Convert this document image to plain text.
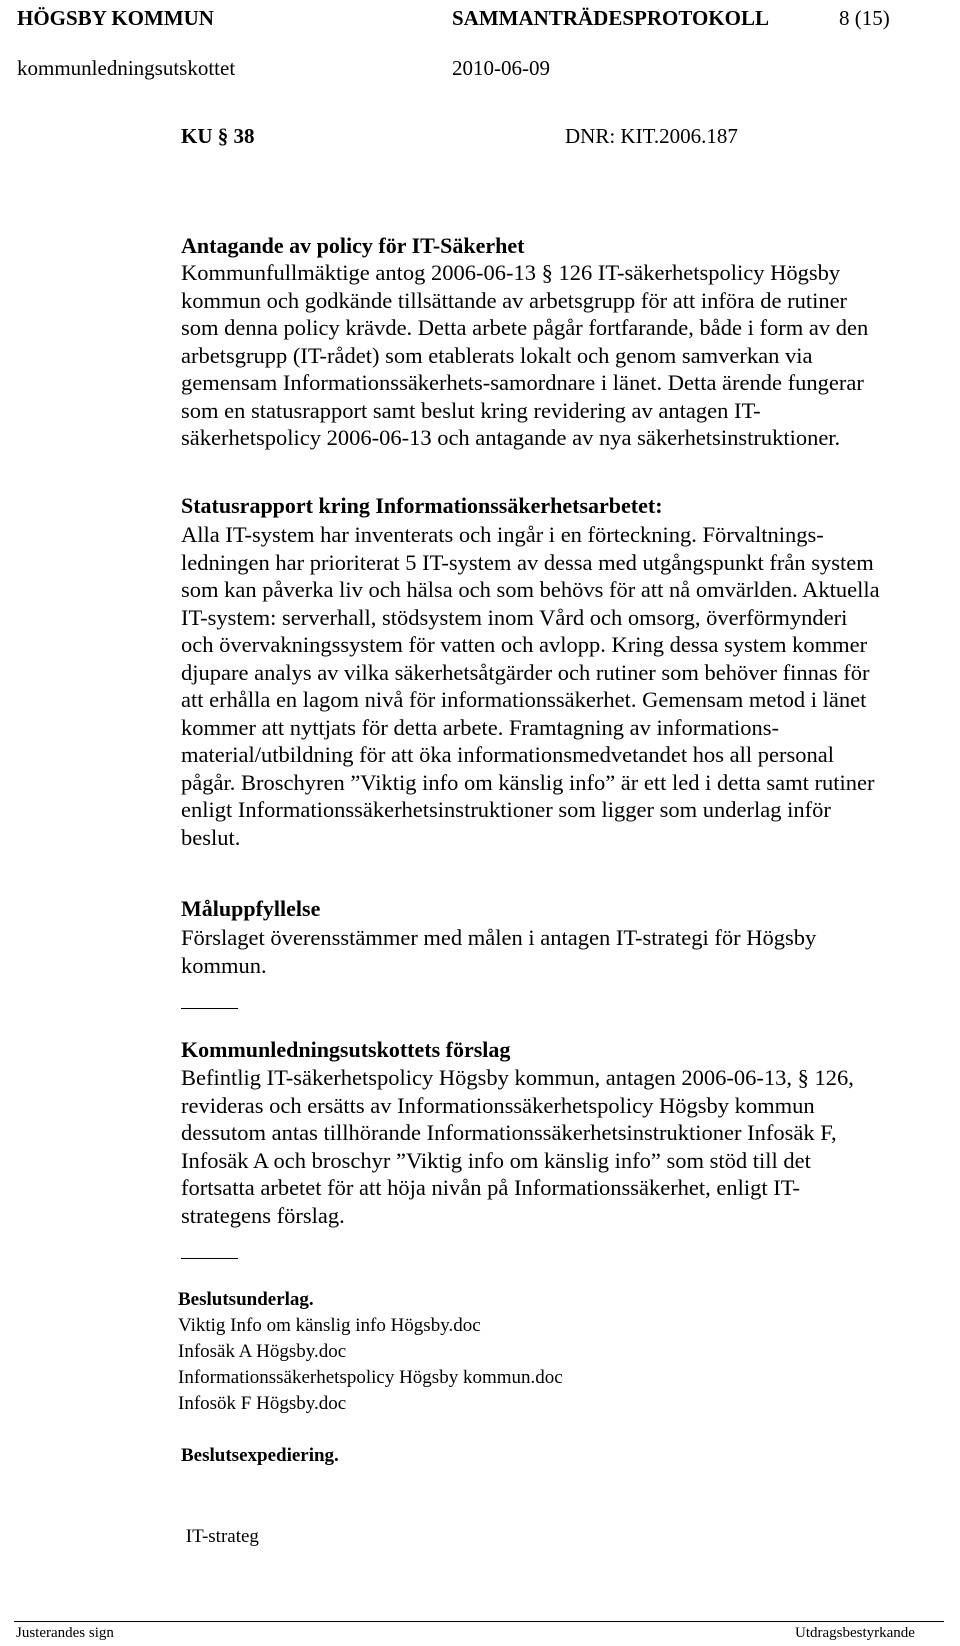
HÖGSBY KOMMUN	SAMMANTRÄDESPROTOKOLL	8 (15)
kommunledningsutskottet	2010-06-09
KU § 38	DNR: KIT.2006.187
Antagande av policy för IT-Säkerhet
Kommunfullmäktige antog 2006-06-13 § 126 IT-säkerhetspolicy Högsby
kommun och godkände tillsättande av arbetsgrupp för att införa de rutiner
som denna policy krävde. Detta arbete pågår fortfarande, både i form av den
arbetsgrupp (IT-rådet) som etablerats lokalt och genom samverkan via
gemensam Informationssäkerhets-samordnare i länet. Detta ärende fungerar
som en statusrapport samt beslut kring revidering av antagen IT-
säkerhetspolicy 2006-06-13 och antagande av nya säkerhetsinstruktioner.
Statusrapport kring Informationssäkerhetsarbetet:
Alla IT-system har inventerats och ingår i en förteckning. Förvaltnings-
ledningen har prioriterat 5 IT-system av dessa med utgångspunkt från system
som kan påverka liv och hälsa och som behövs för att nå omvärlden. Aktuella
IT-system: serverhall, stödsystem inom Vård och omsorg, överförmynderi
och övervakningssystem för vatten och avlopp. Kring dessa system kommer
djupare analys av vilka säkerhetsåtgärder och rutiner som behöver finnas för
att erhålla en lagom nivå för informationssäkerhet. Gemensam metod i länet
kommer att nyttjats för detta arbete. Framtagning av informations-
material/utbildning för att öka informationsmedvetandet hos all personal
pågår. Broschyren ”Viktig info om känslig info” är ett led i detta samt rutiner
enligt Informationssäkerhetsinstruktioner som ligger som underlag inför
beslut.
Måluppfyllelse
Förslaget överensstämmer med målen i antagen IT-strategi för Högsby
kommun.
Kommunledningsutskottets förslag
Befintlig IT-säkerhetspolicy Högsby kommun, antagen 2006-06-13, § 126,
revideras och ersätts av Informationssäkerhetspolicy Högsby kommun
dessutom antas tillhörande Informationssäkerhetsinstruktioner Infosäk F,
Infosäk A och broschyr ”Viktig info om känslig info” som stöd till det
fortsatta arbetet för att höja nivån på Informationssäkerhet, enligt IT-
strategens förslag.
Beslutsunderlag.
Viktig Info om känslig info Högsby.doc
Infosäk A Högsby.doc
Informationssäkerhetspolicy Högsby kommun.doc
Infosök F Högsby.doc
Beslutsexpediering.

IT-strateg

Justerandes sign	Utdragsbestyrkande
